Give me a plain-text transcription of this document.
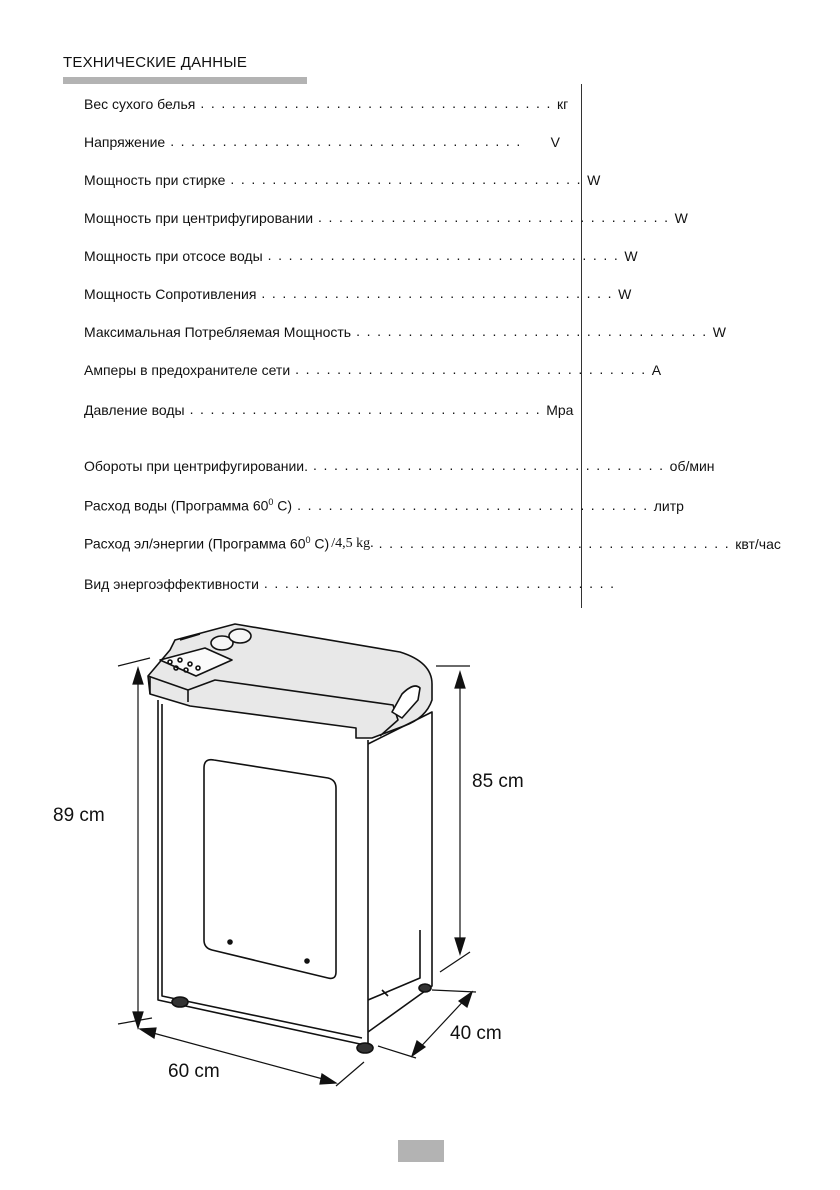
ТЕХНИЧЕСКИЕ ДАННЫЕ
Вес сухого белья .................................. кг
Напряжение ..................................	V
Мощность при стирке .................................. W
Мощность при центрифугировании .................................. W
Мощность при отсосе воды .................................. W
Мощность Сопротивления .................................. W
Максимальная Потребляемая Мощность .................................. W
Амперы в предохранителе сети .................................. A
Давление воды .................................. Mpa
Обороты при центрифугировании. .................................. об/мин
Расход воды (Программа $60^0$ C) .................................. литр
Расход эл/энергии (Программа $60^0$ C) /4,5 kg. .................................. квт/час
Вид энергоэффективности ..................................
89 cm
85 cm
60 cm
40 cm
